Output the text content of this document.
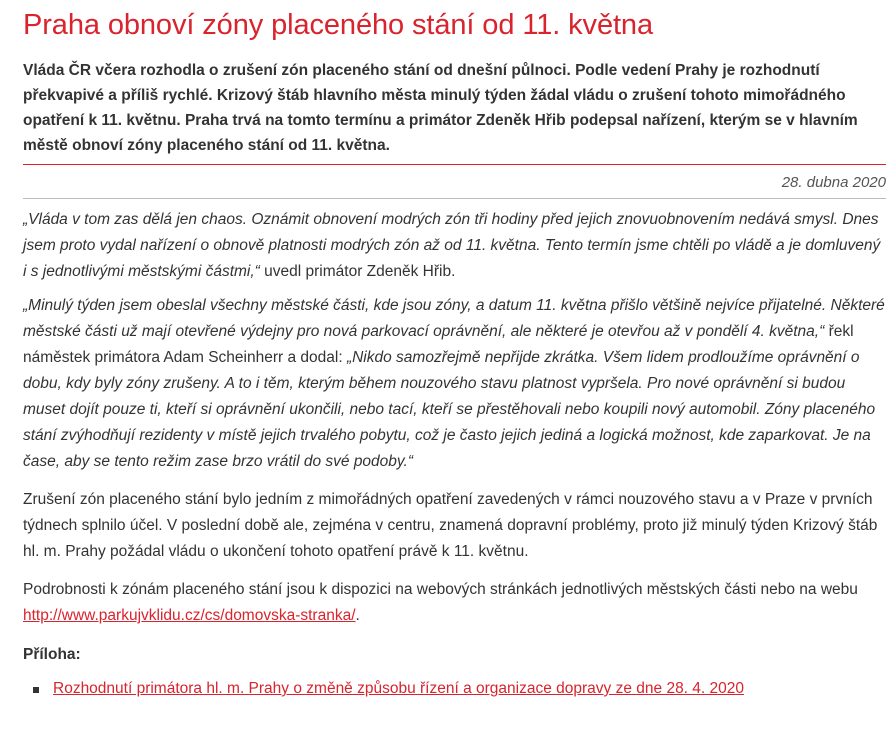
Praha obnoví zóny placeného stání od 11. května

Vláda ČR včera rozhodla o zrušení zón placeného stání od dnešní půlnoci. Podle vedení Prahy je rozhodnutí překvapivé a příliš rychlé. Krizový štáb hlavního města minulý týden žádal vládu o zrušení tohoto mimořádného opatření k 11. květnu. Praha trvá na tomto termínu a primátor Zdeněk Hřib podepsal nařízení, kterým se v hlavním městě obnoví zóny placeného stání od 11. května.

28. dubna 2020

„Vláda v tom zas dělá jen chaos. Oznámit obnovení modrých zón tři hodiny před jejich znovuobnovením nedává smysl. Dnes jsem proto vydal nařízení o obnově platnosti modrých zón až od 11. května. Tento termín jsme chtěli po vládě a je domluvený i s jednotlivými městskými částmi,“ uvedl primátor Zdeněk Hřib.

„Minulý týden jsem obeslal všechny městské části, kde jsou zóny, a datum 11. května přišlo většině nejvíce přijatelné. Některé městské části už mají otevřené výdejny pro nová parkovací oprávnění, ale některé je otevřou až v pondělí 4. května,“ řekl náměstek primátora Adam Scheinherr a dodal: „Nikdo samozřejmě nepřijde zkrátka. Všem lidem prodloužíme oprávnění o dobu, kdy byly zóny zrušeny. A to i těm, kterým během nouzového stavu platnost vypršela. Pro nové oprávnění si budou muset dojít pouze ti, kteří si oprávnění ukončili, nebo tací, kteří se přestěhovali nebo koupili nový automobil. Zóny placeného stání zvýhodňují rezidenty v místě jejich trvalého pobytu, což je často jejich jediná a logická možnost, kde zaparkovat. Je na čase, aby se tento režim zase brzo vrátil do své podoby.“

Zrušení zón placeného stání bylo jedním z mimořádných opatření zavedených v rámci nouzového stavu a v Praze v prvních týdnech splnilo účel. V poslední době ale, zejména v centru, znamená dopravní problémy, proto již minulý týden Krizový štáb hl. m. Prahy požádal vládu o ukončení tohoto opatření právě k 11. květnu.

Podrobnosti k zónám placeného stání jsou k dispozici na webových stránkách jednotlivých městských části nebo na webu http://www.parkujvklidu.cz/cs/domovska-stranka/.

Příloha:
Rozhodnutí primátora hl. m. Prahy o změně způsobu řízení a organizace dopravy ze dne 28. 4. 2020
